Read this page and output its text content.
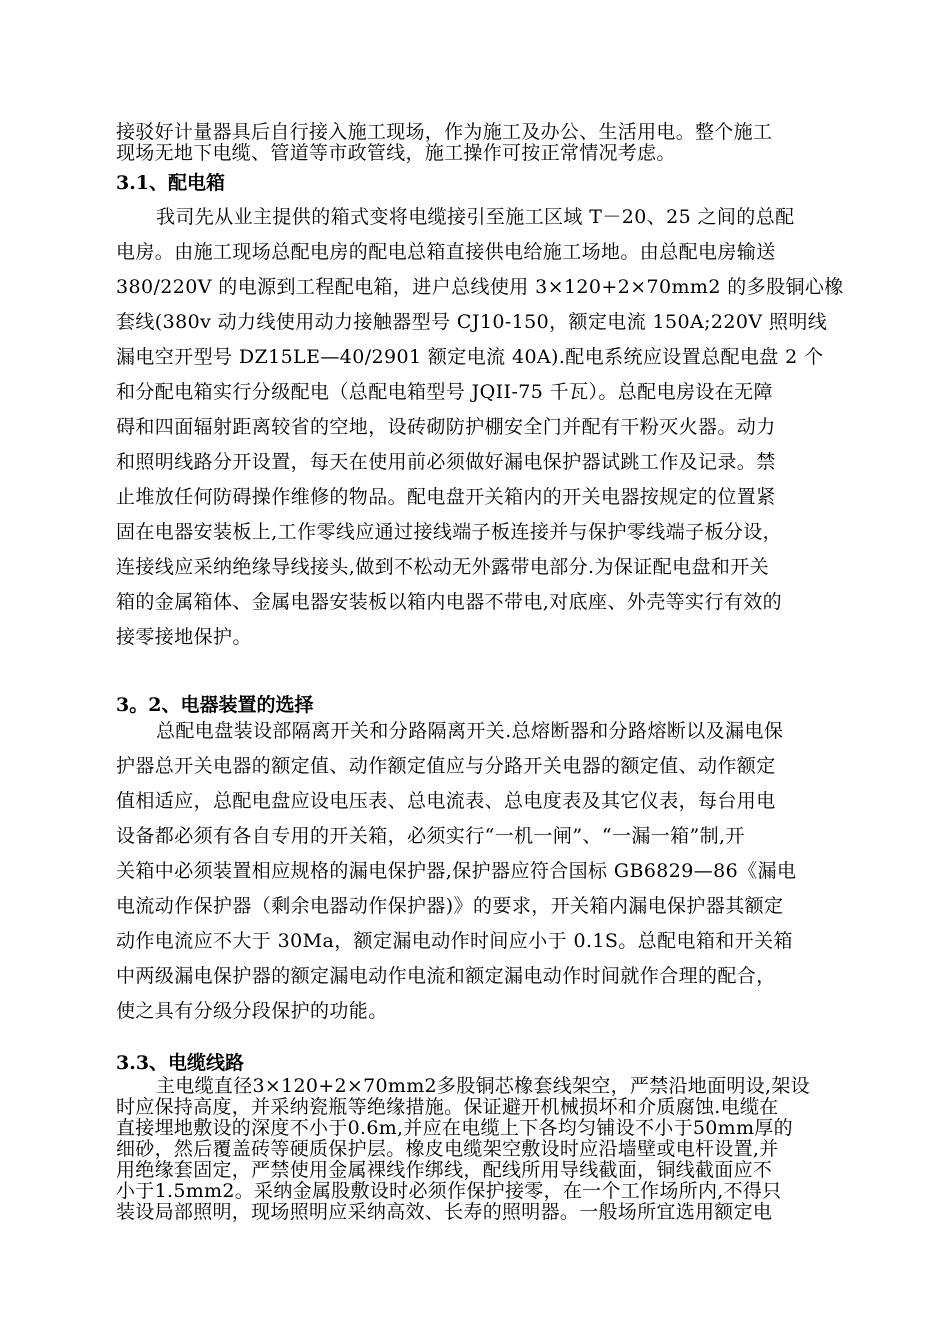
接驳好计量器具后自行接入施工现场，作为施工及办公、生活用电。整个施工
现场无地下电缆、管道等市政管线，施工操作可按正常情况考虑。
3.1、配电箱
我司先从业主提供的箱式变将电缆接引至施工区域 T－20、25 之间的总配
电房。由施工现场总配电房的配电总箱直接供电给施工场地。由总配电房输送
380/220V 的电源到工程配电箱，进户总线使用 3×120+2×70mm2 的多股铜心橡
套线(380v 动力线使用动力接触器型号 CJ10-150，额定电流 150A;220V 照明线
漏电空开型号 DZ15LE—40/2901 额定电流 40A).配电系统应设置总配电盘 2 个
和分配电箱实行分级配电（总配电箱型号 JQII-75 千瓦）。总配电房设在无障
碍和四面辐射距离较省的空地，设砖砌防护棚安全门并配有干粉灭火器。动力
和照明线路分开设置，每天在使用前必须做好漏电保护器试跳工作及记录。禁
止堆放任何防碍操作维修的物品。配电盘开关箱内的开关电器按规定的位置紧
固在电器安装板上,工作零线应通过接线端子板连接并与保护零线端子板分设，
连接线应采纳绝缘导线接头,做到不松动无外露带电部分.为保证配电盘和开关
箱的金属箱体、金属电器安装板以箱内电器不带电,对底座、外壳等实行有效的
接零接地保护。
3。2、电器装置的选择
总配电盘装设部隔离开关和分路隔离开关.总熔断器和分路熔断以及漏电保
护器总开关电器的额定值、动作额定值应与分路开关电器的额定值、动作额定
值相适应，总配电盘应设电压表、总电流表、总电度表及其它仪表，每台用电
设备都必须有各自专用的开关箱，必须实行“一机一闸”、“一漏一箱”制,开
关箱中必须装置相应规格的漏电保护器,保护器应符合国标 GB6829—86《漏电
电流动作保护器（剩余电器动作保护器)》的要求，开关箱内漏电保护器其额定
动作电流应不大于 30Ma，额定漏电动作时间应小于 0.1S。总配电箱和开关箱
中两级漏电保护器的额定漏电动作电流和额定漏电动作时间就作合理的配合，
使之具有分级分段保护的功能。
3.3、电缆线路
主电缆直径3×120+2×70mm2多股铜芯橡套线架空，严禁沿地面明设,架设
时应保持高度，并采纳瓷瓶等绝缘措施。保证避开机械损坏和介质腐蚀.电缆在
直接埋地敷设的深度不小于0.6m,并应在电缆上下各均匀铺设不小于50mm厚的
细砂，然后覆盖砖等硬质保护层。橡皮电缆架空敷设时应沿墙壁或电杆设置,并
用绝缘套固定，严禁使用金属裸线作绑线，配线所用导线截面，铜线截面应不
小于1.5mm2。采纳金属股敷设时必须作保护接零，在一个工作场所内,不得只
装设局部照明，现场照明应采纳高效、长寿的照明器。一般场所宜选用额定电
